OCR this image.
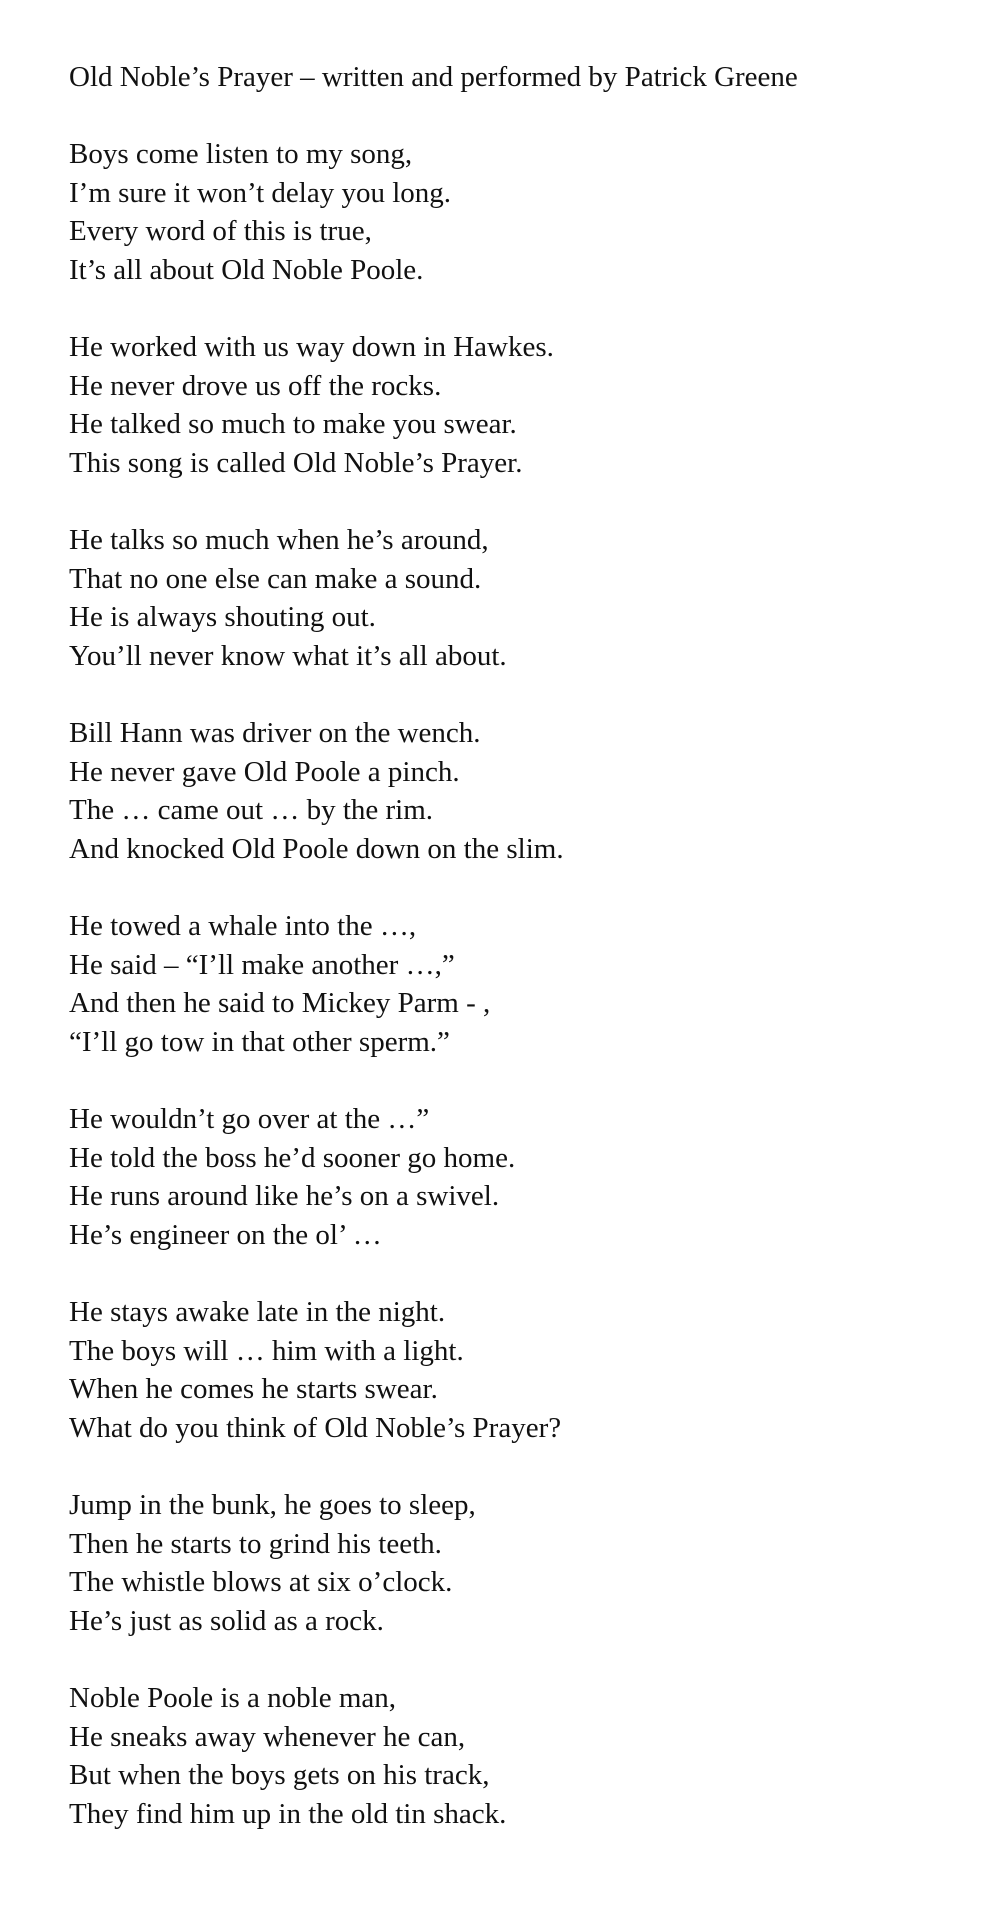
Old Noble’s Prayer – written and performed by Patrick Greene
Boys come listen to my song,
I’m sure it won’t delay you long.
Every word of this is true,
It’s all about Old Noble Poole.
He worked with us way down in Hawkes.
He never drove us off the rocks.
He talked so much to make you swear.
This song is called Old Noble’s Prayer.
He talks so much when he’s around,
That no one else can make a sound.
He is always shouting out.
You’ll never know what it’s all about.
Bill Hann was driver on the wench.
He never gave Old Poole a pinch.
The … came out … by the rim.
And knocked Old Poole down on the slim.
He towed a whale into the …,
He said – “I’ll make another …,”
And then he said to Mickey Parm - ,
“I’ll go tow in that other sperm.”
He wouldn’t go over at the …”
He told the boss he’d sooner go home.
He runs around like he’s on a swivel.
He’s engineer on the ol’ …
He stays awake late in the night.
The boys will … him with a light.
When he comes he starts swear.
What do you think of Old Noble’s Prayer?
Jump in the bunk, he goes to sleep,
Then he starts to grind his teeth.
The whistle blows at six o’clock.
He’s just as solid as a rock.
Noble Poole is a noble man,
He sneaks away whenever he can,
But when the boys gets on his track,
They find him up in the old tin shack.
